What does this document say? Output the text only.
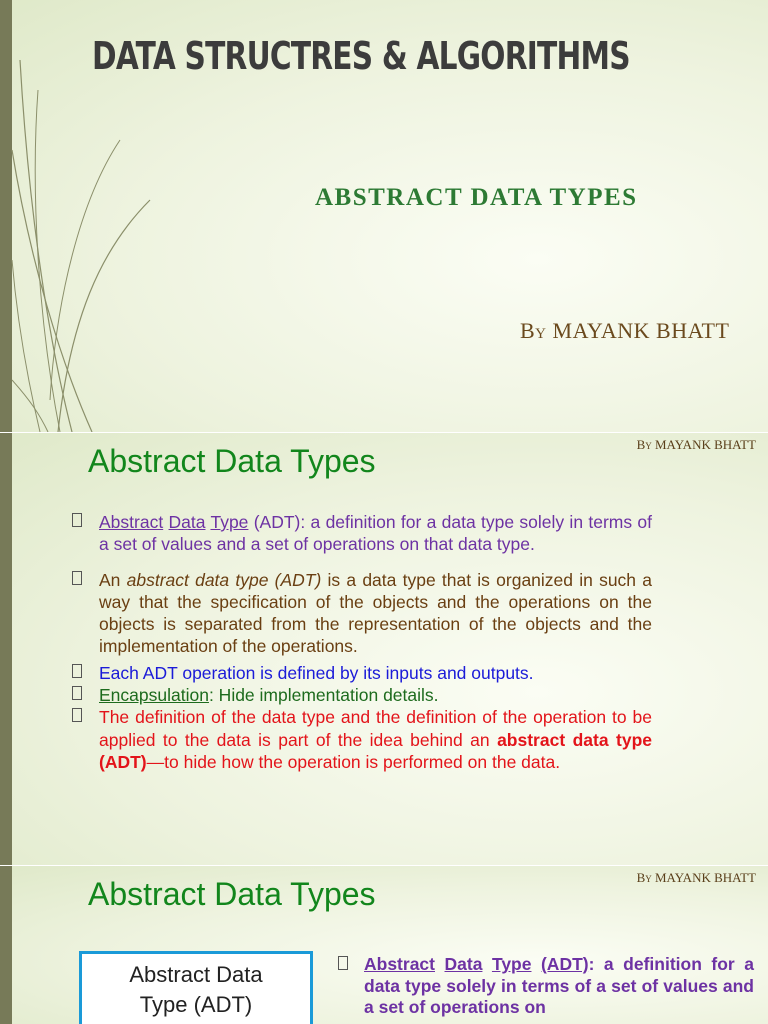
DATA STRUCTRES & ALGORITHMS
ABSTRACT DATA TYPES
By MAYANK BHATT
By MAYANK BHATT
Abstract Data Types
Abstract Data Type (ADT): a definition for a data type solely in terms of a set of values and a set of operations on that data type.
An abstract data type (ADT) is a data type that is organized in such a way that the specification of the objects and the operations on the objects is separated from the representation of the objects and the implementation of the operations.
Each ADT operation is defined by its inputs and outputs.
Encapsulation: Hide implementation details.
The definition of the data type and the definition of the operation to be applied to the data is part of the idea behind an abstract data type (ADT)—to hide how the operation is performed on the data.
By MAYANK BHATT
Abstract Data Types
Abstract Data
Type (ADT)
Abstract Data Type (ADT): a definition for a data type solely in terms of a set of values and a set of operations on
